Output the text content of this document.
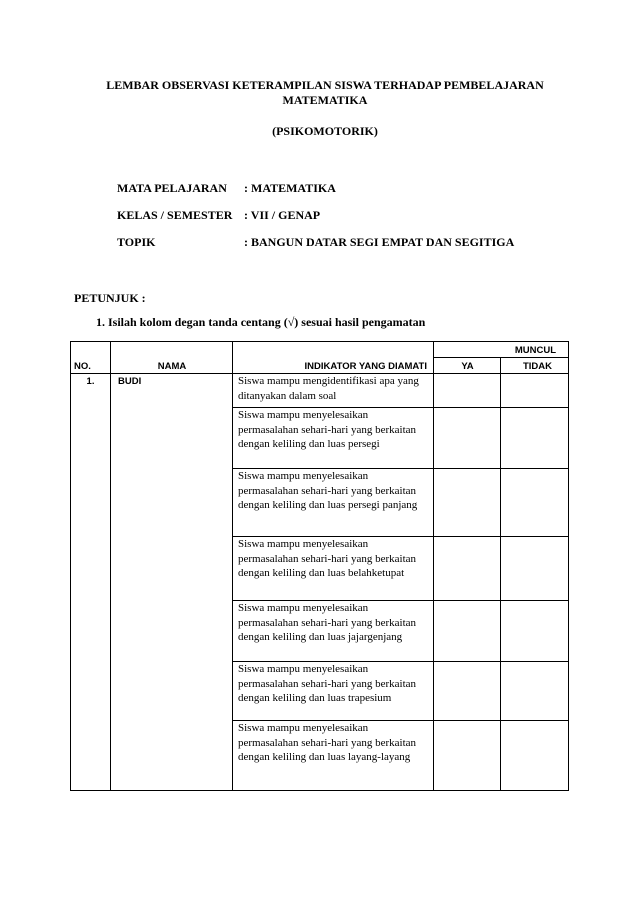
LEMBAR OBSERVASI KETERAMPILAN SISWA TERHADAP PEMBELAJARAN
MATEMATIKA
(PSIKOMOTORIK)
MATA PELAJARAN : MATEMATIKA
KELAS / SEMESTER : VII / GENAP
TOPIK	: BANGUN DATAR SEGI EMPAT DAN SEGITIGA
PETUNJUK :
1. Isilah kolom degan tanda centang (√) sesuai hasil pengamatan
NO.	NAMA	INDIKATOR YANG DIAMATI	MUNCUL	
			YA	TIDAK
1.	BUDI	Siswa mampu mengidentifikasi apa yang ditanyakan dalam soal		
		Siswa mampu menyelesaikan permasalahan sehari-hari yang berkaitan dengan keliling dan luas persegi		
		Siswa mampu menyelesaikan permasalahan sehari-hari yang berkaitan dengan keliling dan luas persegi panjang		
		Siswa mampu menyelesaikan permasalahan sehari-hari yang berkaitan dengan keliling dan luas belahketupat		
		Siswa mampu menyelesaikan permasalahan sehari-hari yang berkaitan dengan keliling dan luas jajargenjang		
		Siswa mampu menyelesaikan permasalahan sehari-hari yang berkaitan dengan keliling dan luas trapesium		
		Siswa mampu menyelesaikan permasalahan sehari-hari yang berkaitan dengan keliling dan luas layang-layang		
